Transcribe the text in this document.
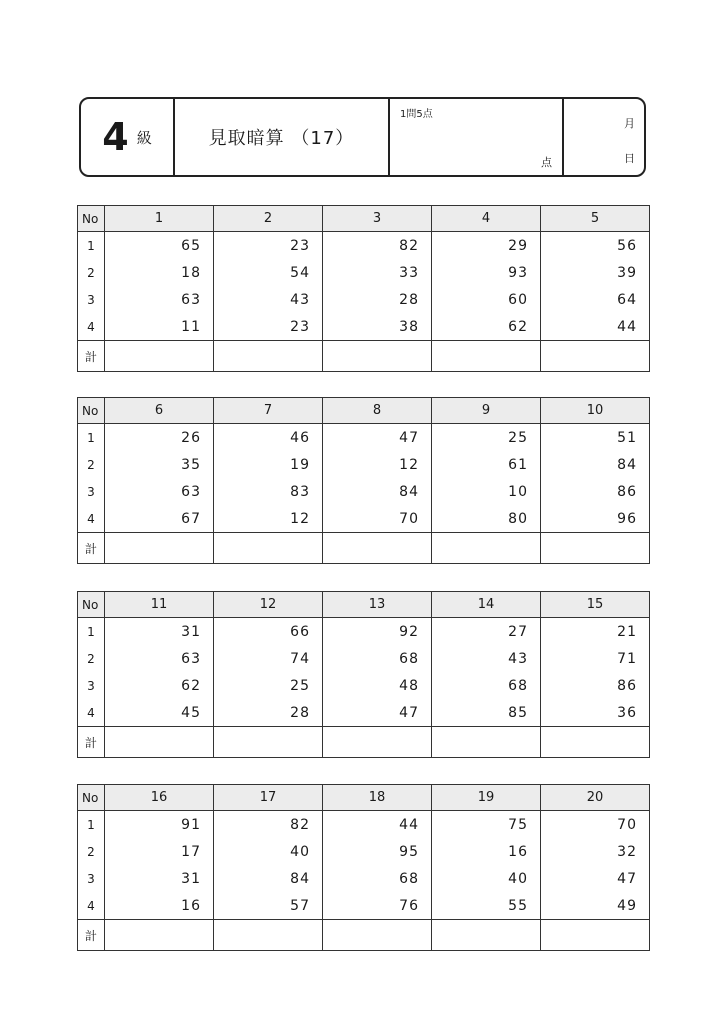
4 級	見取暗算 （17）
1問5点
点
月
日
No	1	2	3	4	5
1	65	23	82	29	56
2	18	54	33	93	39
3	63	43	28	60	64
4	11	23	38	62	44
計					
No	6	7	8	9	10
1	26	46	47	25	51
2	35	19	12	61	84
3	63	83	84	10	86
4	67	12	70	80	96
計					
No	11	12	13	14	15
1	31	66	92	27	21
2	63	74	68	43	71
3	62	25	48	68	86
4	45	28	47	85	36
計					
No	16	17	18	19	20
1	91	82	44	75	70
2	17	40	95	16	32
3	31	84	68	40	47
4	16	57	76	55	49
計					
